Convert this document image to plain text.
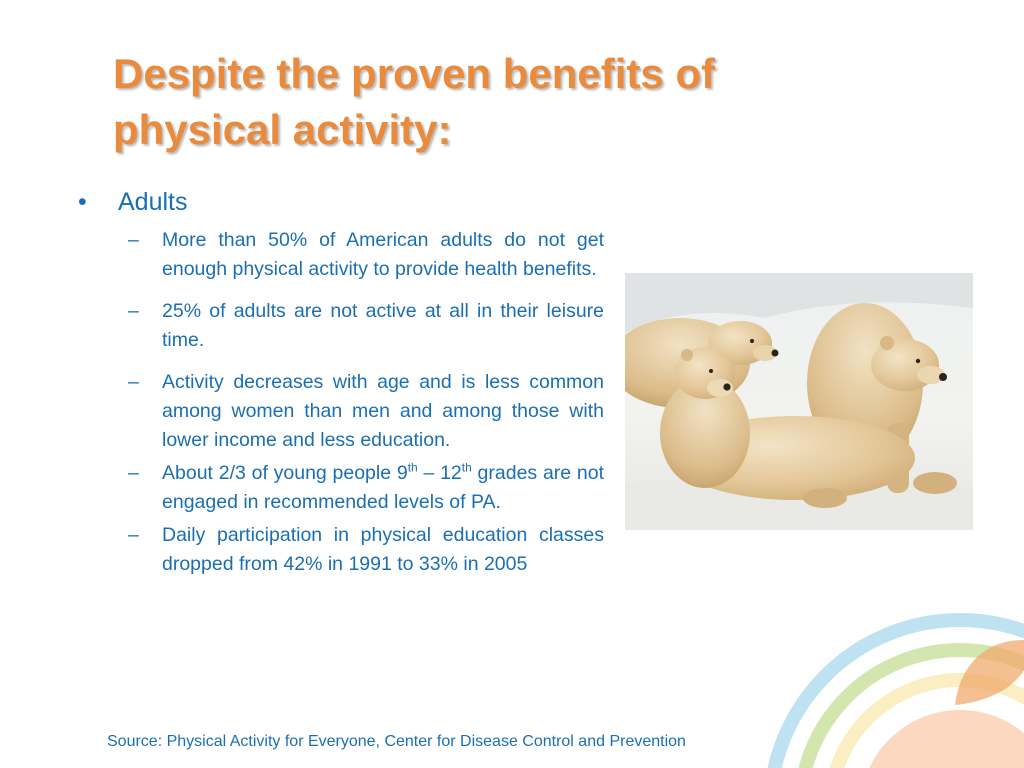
Despite the proven benefits of physical activity:
• Adults
– More than 50% of American adults do not get enough physical activity to provide health benefits.
– 25% of adults are not active at all in their leisure time.
– Activity decreases with age and is less common among women than men and among those with lower income and less education.
– About 2/3 of young people 9th – 12th grades are not engaged in recommended levels of PA.
– Daily participation in physical education classes dropped from 42% in 1991 to 33% in 2005
Source: Physical Activity for Everyone, Center for Disease Control and Prevention
